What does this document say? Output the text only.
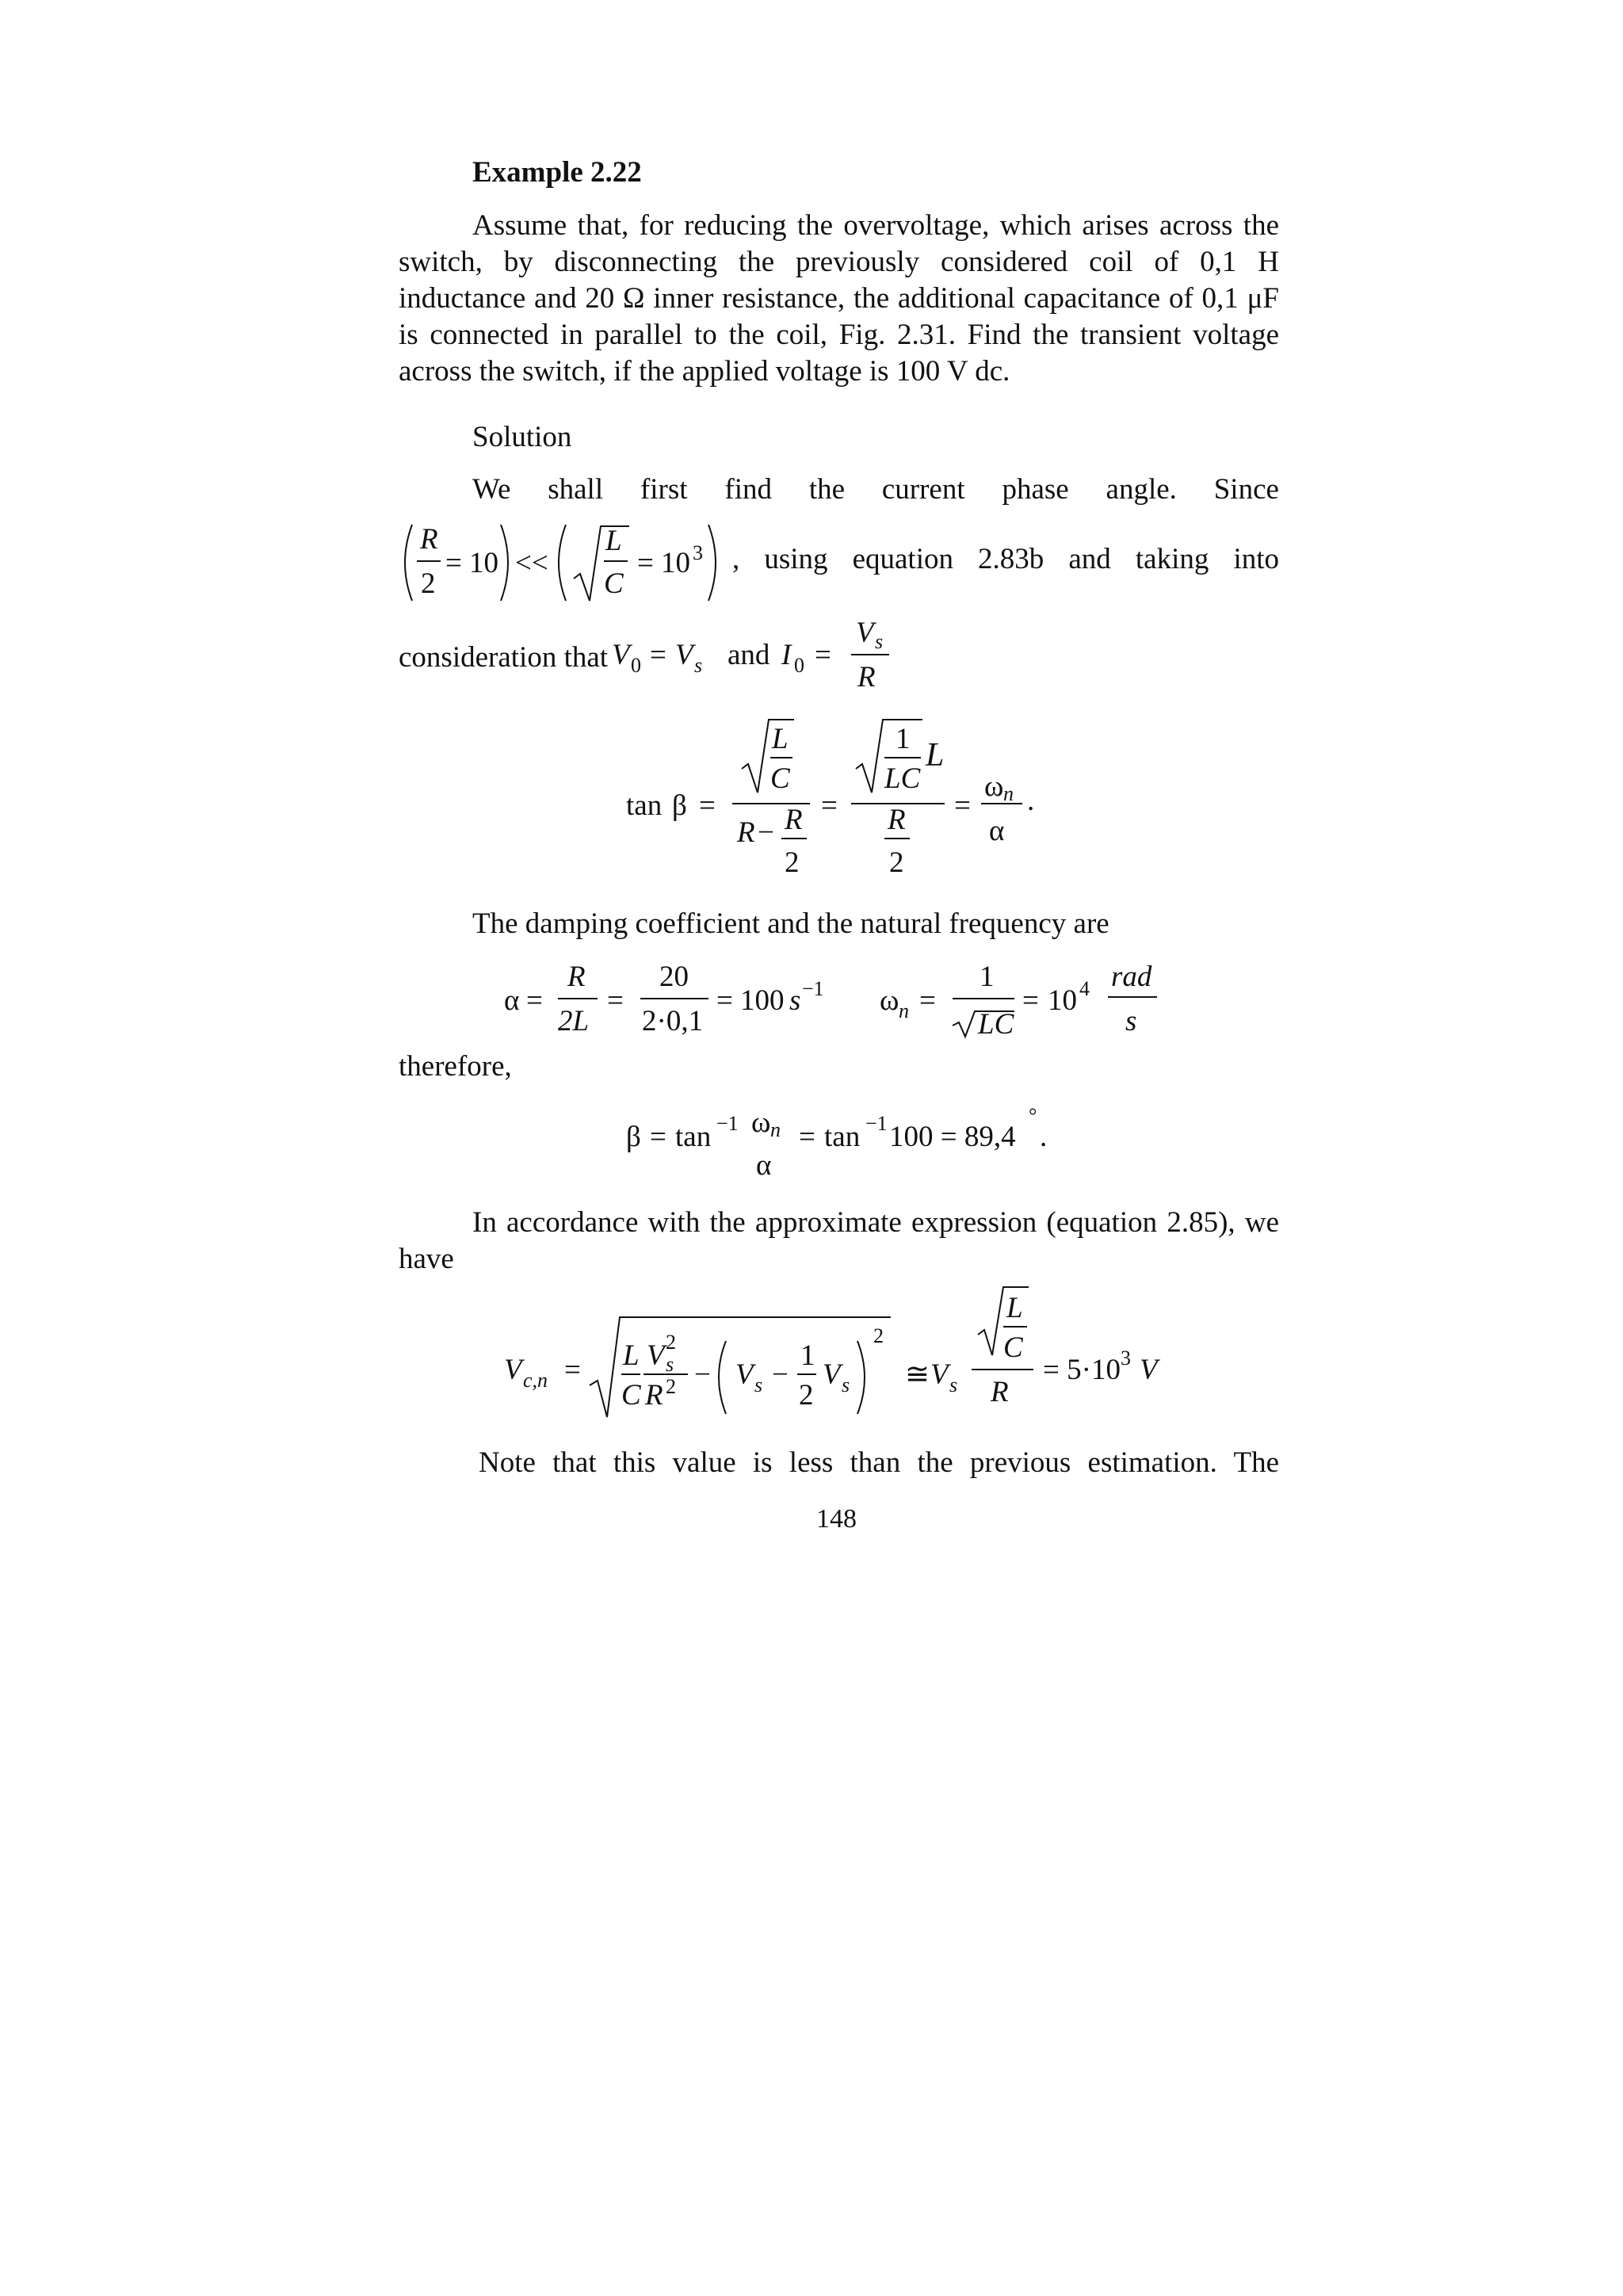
Example 2.22
Assume that, for reducing the overvoltage, which arises across the switch, by disconnecting the previously considered coil of 0,1 H inductance and 20 Ω inner resistance, the additional capacitance of 0,1 μF is connected in parallel to the coil, Fig. 2.31. Find the transient voltage across the switch, if the applied voltage is 100 V dc.
Solution
We shall first find the current phase angle. Since
R
2
= 10 <<
L
C
= 10 3 , using equation 2.83b and taking into
consideration that V 0 = V s and I 0 =
V s
R
tan β =
L
C
R − R
2
=
1
LC
L
R
2
=
ω n
α
.
The damping coefficient and the natural frequency are
α =
R
2L
=
20
2·0,1
= 100 s −1 ω n =
1
LC
= 10 4 rad
s
therefore,
β = tan −1 ω n
α
= tan −1 100 = 89,4
°
.
In accordance with the approximate expression (equation 2.85), we have
V c,n = L
C
V 2
s
R 2 − V s −
1
2
V s
2
≅ V s
L
C
R
= 5·10 3 V
Note that this value is less than the previous estimation. The
148
